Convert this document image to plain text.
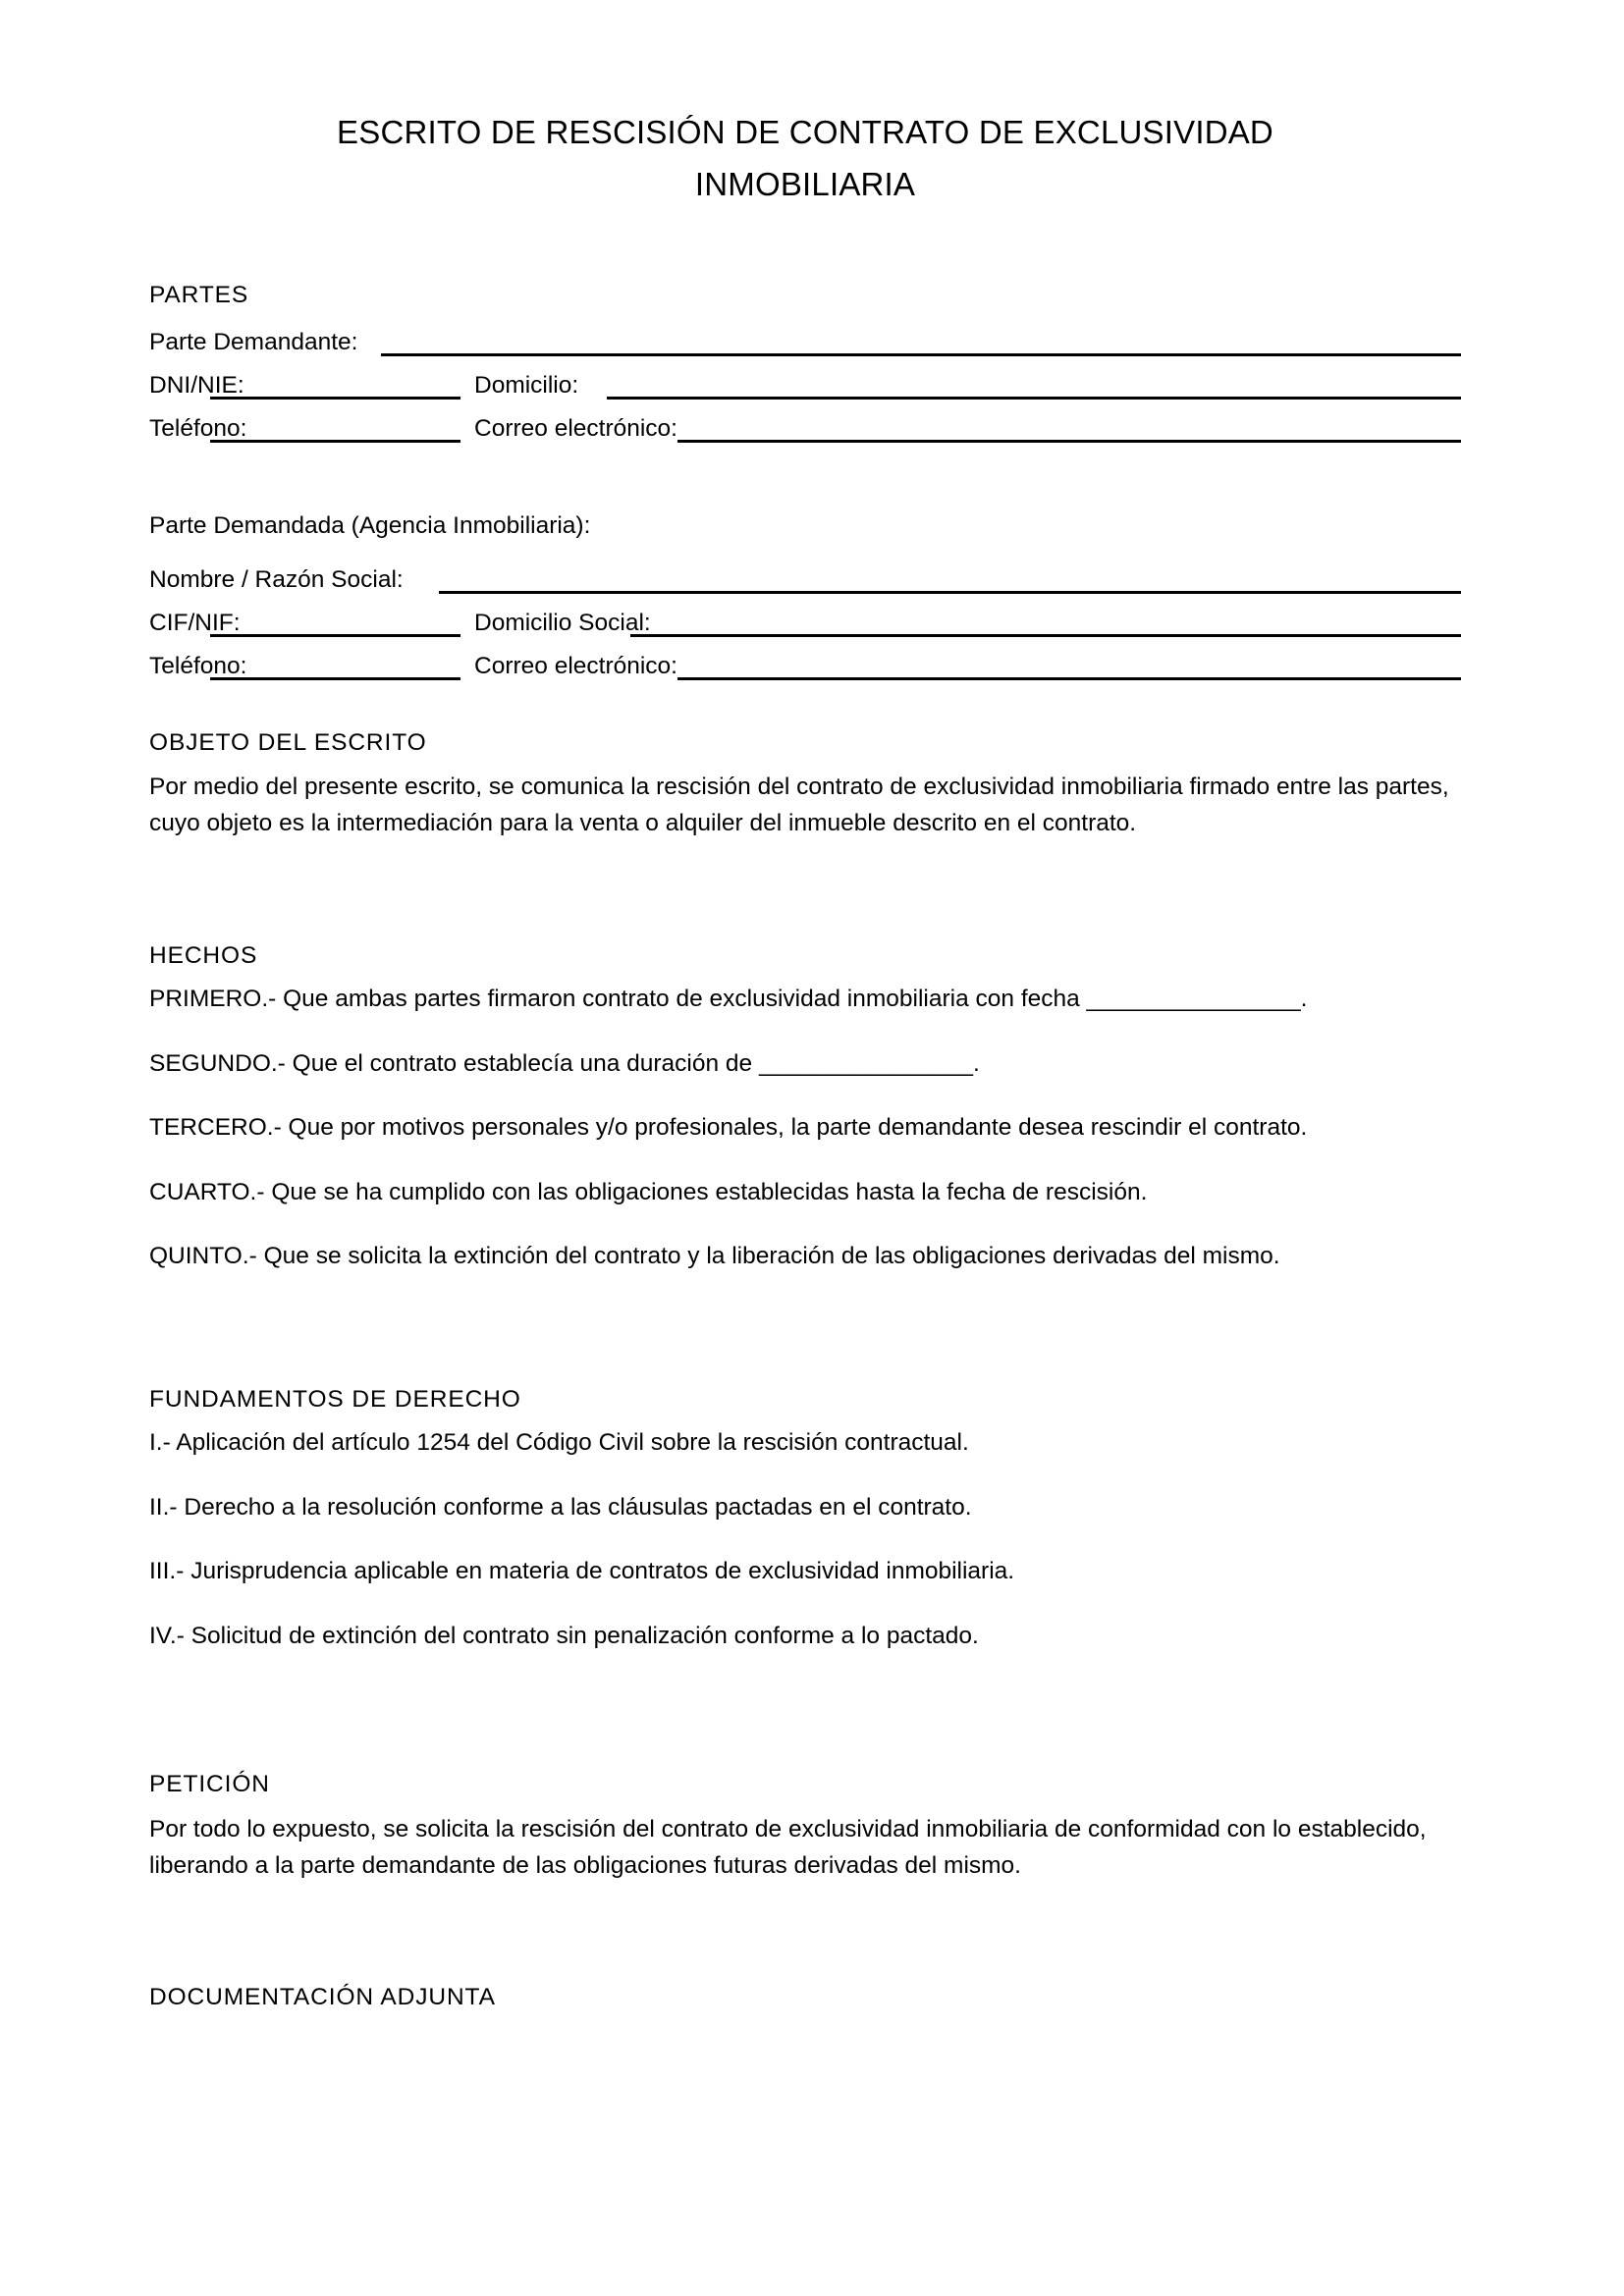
ESCRITO DE RESCISIÓN DE CONTRATO DE EXCLUSIVIDAD
INMOBILIARIA
PARTES
Parte Demandante:
DNI/NIE:	Domicilio:
Teléfono:	Correo electrónico:
Parte Demandada (Agencia Inmobiliaria):
Nombre / Razón Social:
CIF/NIF:	Domicilio Social:
Teléfono:	Correo electrónico:
OBJETO DEL ESCRITO
Por medio del presente escrito, se comunica la rescisión del contrato de exclusividad inmobiliaria firmado entre las partes, cuyo objeto es la intermediación para la venta o alquiler del inmueble descrito en el contrato.
HECHOS
PRIMERO.- Que ambas partes firmaron contrato de exclusividad inmobiliaria con fecha ________________.
SEGUNDO.- Que el contrato establecía una duración de ________________.
TERCERO.- Que por motivos personales y/o profesionales, la parte demandante desea rescindir el contrato.
CUARTO.- Que se ha cumplido con las obligaciones establecidas hasta la fecha de rescisión.
QUINTO.- Que se solicita la extinción del contrato y la liberación de las obligaciones derivadas del mismo.
FUNDAMENTOS DE DERECHO
I.- Aplicación del artículo 1254 del Código Civil sobre la rescisión contractual.
II.- Derecho a la resolución conforme a las cláusulas pactadas en el contrato.
III.- Jurisprudencia aplicable en materia de contratos de exclusividad inmobiliaria.
IV.- Solicitud de extinción del contrato sin penalización conforme a lo pactado.
PETICIÓN
Por todo lo expuesto, se solicita la rescisión del contrato de exclusividad inmobiliaria de conformidad con lo establecido, liberando a la parte demandante de las obligaciones futuras derivadas del mismo.
DOCUMENTACIÓN ADJUNTA
